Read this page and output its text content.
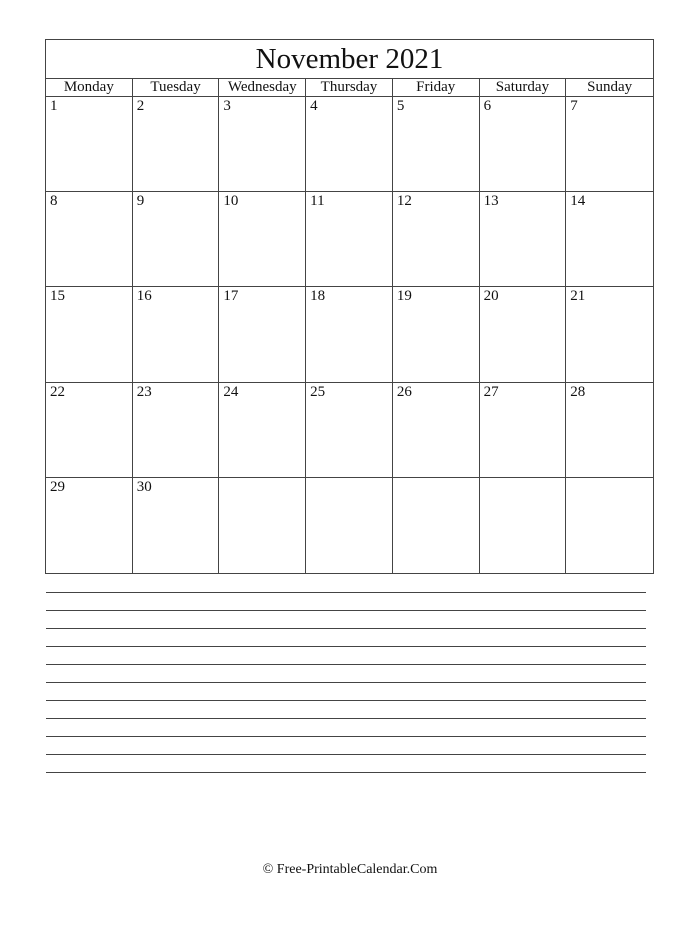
November 2021
Monday	Tuesday	Wednesday	Thursday	Friday	Saturday	Sunday
1	2	3	4	5	6	7
8	9	10	11	12	13	14
15	16	17	18	19	20	21
22	23	24	25	26	27	28
29	30
© Free-PrintableCalendar.Com
